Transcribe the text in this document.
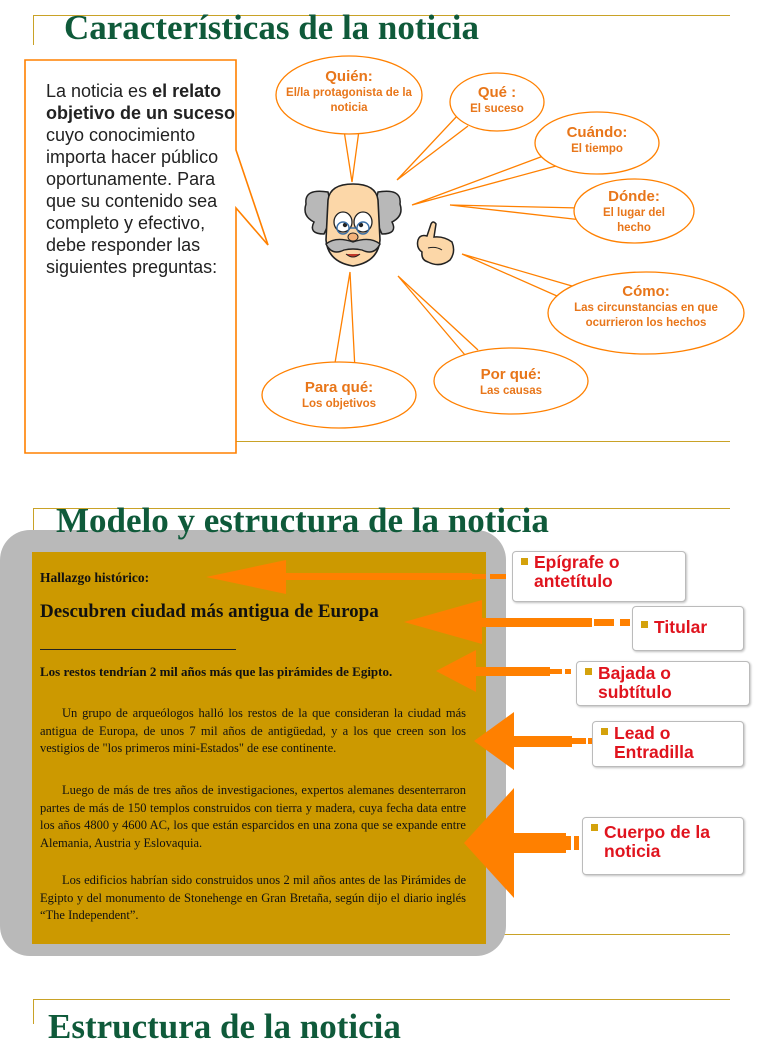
Características de la noticia
La noticia es el relato objetivo de un suceso cuyo conocimiento importa hacer público oportunamente. Para que su contenido sea completo y efectivo, debe responder las siguientes preguntas:
Quién:
El/la protagonista de la noticia
Qué :
El suceso
Cuándo:
El tiempo
Dónde:
El lugar del hecho
Cómo:
Las circunstancias en que ocurrieron los hechos
Por qué:
Las causas
Para qué:
Los objetivos
Modelo y estructura de la noticia
Hallazgo histórico:
Descubren ciudad más antigua de Europa
Los restos tendrían 2 mil años más que las pirámides de Egipto.
Un grupo de arqueólogos halló los restos de la que consideran la ciudad más antigua de Europa, de unos 7 mil años de antigüedad, y a los que creen son los vestigios de "los primeros mini-Estados" de ese continente.
Luego de más de tres años de investigaciones, expertos alemanes desenterraron partes de más de 150 templos construidos con tierra y madera, cuya fecha data entre los años 4800 y 4600 AC, los que están esparcidos en una zona que se expande entre Alemania, Austria y Eslovaquia.
Los edificios habrían sido construidos unos 2 mil años antes de las Pirámides de Egipto y del monumento de Stonehenge en Gran Bretaña, según dijo el diario inglés “The Independent”.
Epígrafe o antetítulo
Titular
Bajada o subtítulo
Lead o Entradilla
Cuerpo de la noticia
Estructura de la noticia
